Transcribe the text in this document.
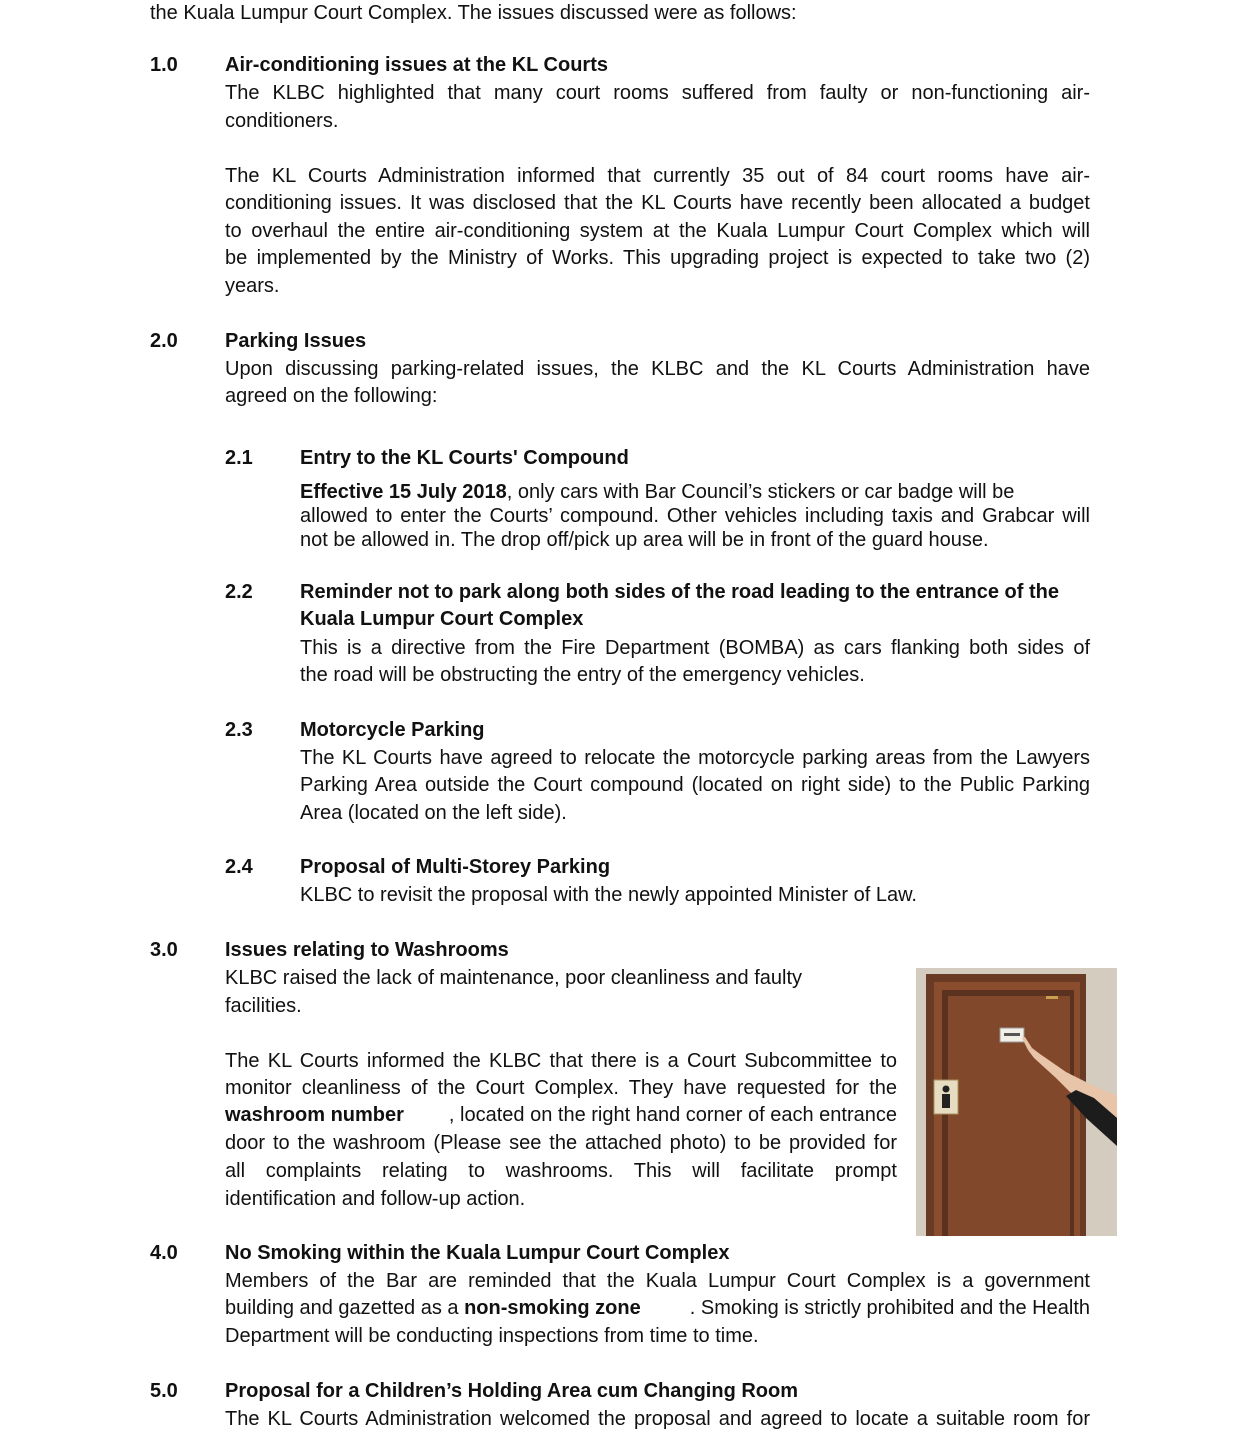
the Kuala Lumpur Court Complex. The issues discussed were as follows:
1.0 Air-conditioning issues at the KL Courts
The KLBC highlighted that many court rooms suffered from faulty or non-functioning air-
conditioners.
The KL Courts Administration informed that currently 35 out of 84 court rooms have air-
conditioning issues. It was disclosed that the KL Courts have recently been allocated a budget
to overhaul the entire air-conditioning system at the Kuala Lumpur Court Complex which will
be implemented by the Ministry of Works. This upgrading project is expected to take two (2)
years.
2.0 Parking Issues
Upon discussing parking-related issues, the KLBC and the KL Courts Administration have
agreed on the following:
2.1 Entry to the KL Courts' Compound
Effective 15 July 2018, only cars with Bar Council’s stickers or car badge will be
allowed to enter the Courts’ compound. Other vehicles including taxis and Grabcar will
not be allowed in. The drop off/pick up area will be in front of the guard house.
2.2 Reminder not to park along both sides of the road leading to the entrance of the
Kuala Lumpur Court Complex
This is a directive from the Fire Department (BOMBA) as cars flanking both sides of
the road will be obstructing the entry of the emergency vehicles.
2.3 Motorcycle Parking
The KL Courts have agreed to relocate the motorcycle parking areas from the Lawyers
Parking Area outside the Court compound (located on right side) to the Public Parking
Area (located on the left side).
2.4 Proposal of Multi-Storey Parking
KLBC to revisit the proposal with the newly appointed Minister of Law.
3.0 Issues relating to Washrooms
KLBC raised the lack of maintenance, poor cleanliness and faulty
facilities.
The KL Courts informed the KLBC that there is a Court Subcommittee to
monitor cleanliness of the Court Complex. They have requested for the
washroom number , located on the right hand corner of each entrance
door to the washroom (Please see the attached photo) to be provided for
all complaints relating to washrooms. This will facilitate prompt
identification and follow-up action.
4.0 No Smoking within the Kuala Lumpur Court Complex
Members of the Bar are reminded that the Kuala Lumpur Court Complex is a government
building and gazetted as a non-smoking zone	. Smoking is strictly prohibited and the Health
Department will be conducting inspections from time to time.
5.0 Proposal for a Children’s Holding Area cum Changing Room
The KL Courts Administration welcomed the proposal and agreed to locate a suitable room for
